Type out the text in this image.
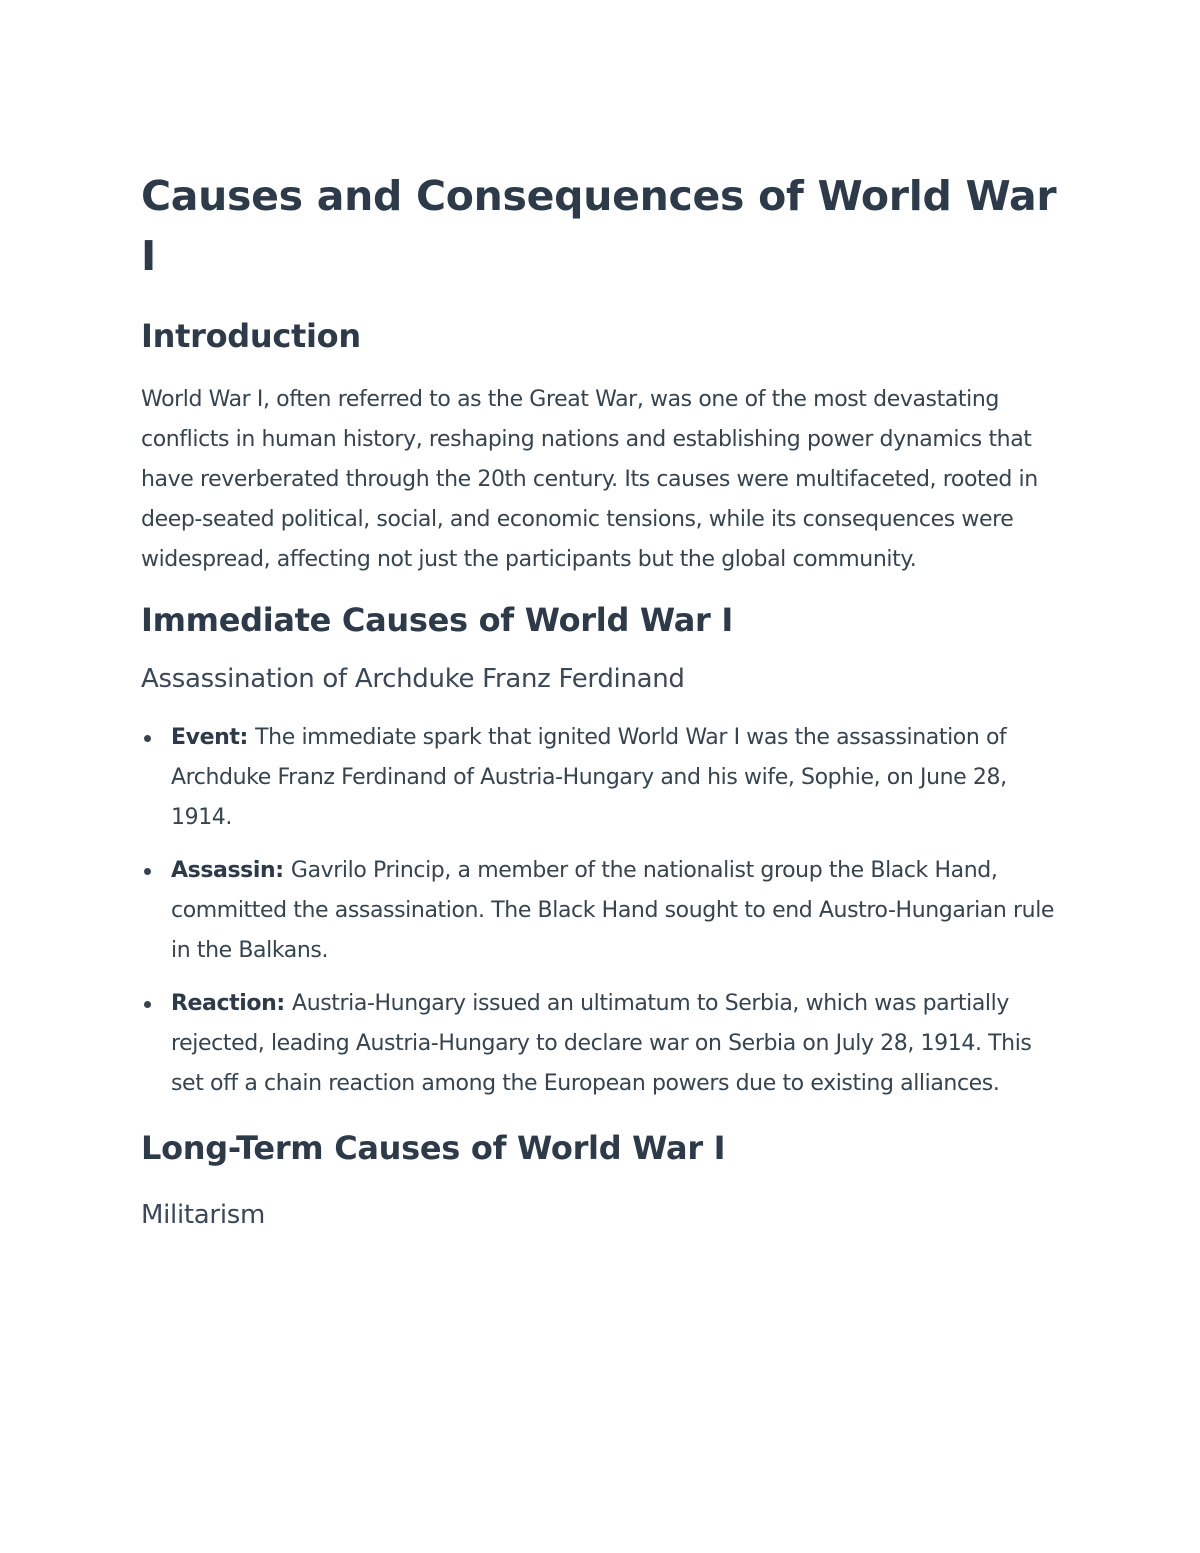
Causes and Consequences of World War I
Introduction

World War I, often referred to as the Great War, was one of the most devastating conflicts in human history, reshaping nations and establishing power dynamics that have reverberated through the 20th century. Its causes were multifaceted, rooted in deep-seated political, social, and economic tensions, while its consequences were widespread, affecting not just the participants but the global community.

Immediate Causes of World War I
Assassination of Archduke Franz Ferdinand
Event: The immediate spark that ignited World War I was the assassination of Archduke Franz Ferdinand of Austria-Hungary and his wife, Sophie, on June 28, 1914.
Assassin: Gavrilo Princip, a member of the nationalist group the Black Hand, committed the assassination. The Black Hand sought to end Austro-Hungarian rule in the Balkans.
Reaction: Austria-Hungary issued an ultimatum to Serbia, which was partially rejected, leading Austria-Hungary to declare war on Serbia on July 28, 1914. This set off a chain reaction among the European powers due to existing alliances.
Long-Term Causes of World War I
Militarism
